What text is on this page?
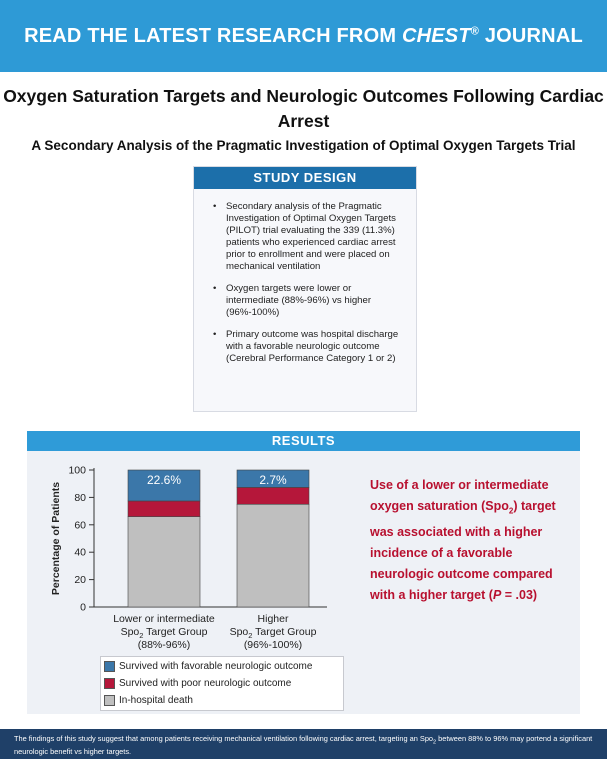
READ THE LATEST RESEARCH FROM CHEST® JOURNAL
Oxygen Saturation Targets and Neurologic Outcomes Following Cardiac Arrest
A Secondary Analysis of the Pragmatic Investigation of Optimal Oxygen Targets Trial
STUDY DESIGN
• Secondary analysis of the Pragmatic Investigation of Optimal Oxygen Targets (PILOT) trial evaluating the 339 (11.3%) patients who experienced cardiac arrest prior to enrollment and were placed on mechanical ventilation
• Oxygen targets were lower or intermediate (88%-96%) vs higher (96%-100%)
• Primary outcome was hospital discharge with a favorable neurologic outcome (Cerebral Performance Category 1 or 2)
RESULTS
0
20
40
60
80
100
Percentage of Patients
22.6%
Lower or intermediate
Spo$_2$ Target Group
(88%-96%)
2.7%
Higher
Spo$_2$ Target Group
(96%-100%)
Survived with favorable neurologic outcome
Survived with poor neurologic outcome
In-hospital death
Use of a lower or intermediate oxygen saturation (Spo$_2$) target was associated with a higher incidence of a favorable neurologic outcome compared with a higher target (P = .03)
The findings of this study suggest that among patients receiving mechanical ventilation following cardiac arrest, targeting an Spo$_2$ between 88% to 96% may portend a significant neurologic benefit vs higher targets.
